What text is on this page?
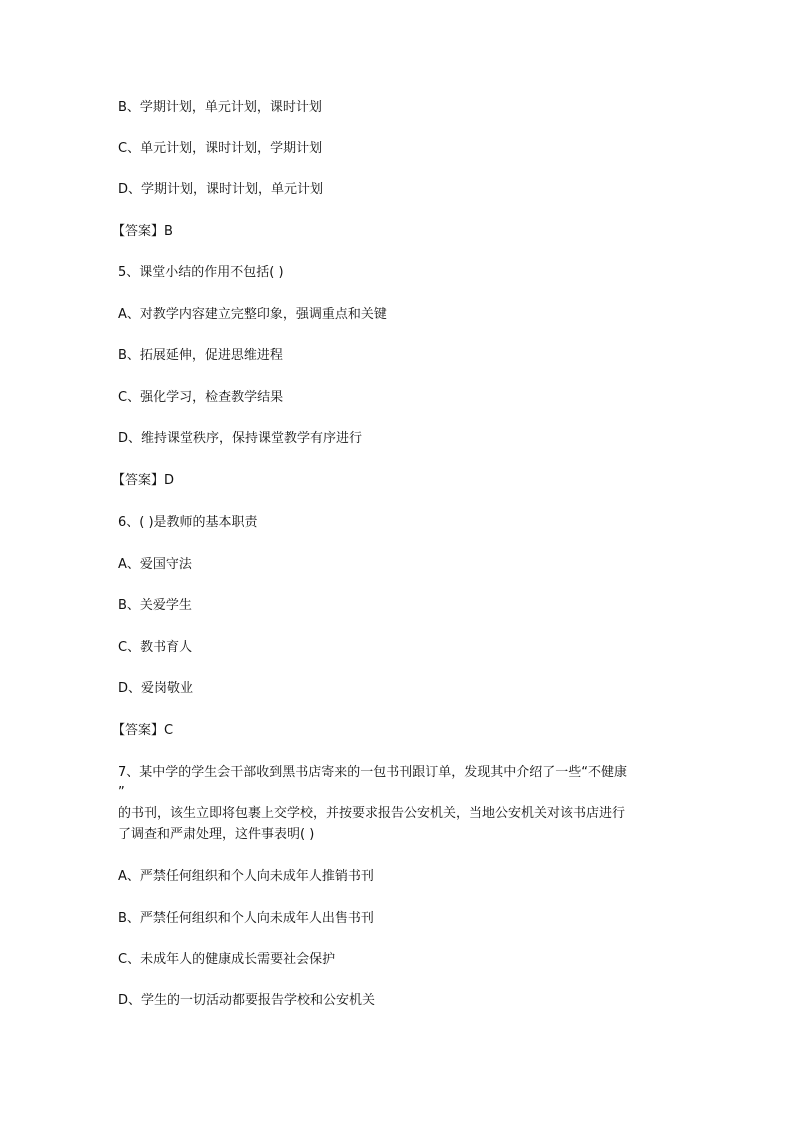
B、学期计划，单元计划，课时计划
C、单元计划，课时计划，学期计划
D、学期计划，课时计划，单元计划
【答案】B
5、课堂小结的作用不包括( )
A、对教学内容建立完整印象，强调重点和关键
B、拓展延伸，促进思维进程
C、强化学习，检查教学结果
D、维持课堂秩序，保持课堂教学有序进行
【答案】D
6、( )是教师的基本职责
A、爱国守法
B、关爱学生
C、教书育人
D、爱岗敬业
【答案】C
7、某中学的学生会干部收到黑书店寄来的一包书刊跟订单，发现其中介绍了一些“不健康
”
的书刊，该生立即将包裹上交学校，并按要求报告公安机关，当地公安机关对该书店进行
了调查和严肃处理，这件事表明( )
A、严禁任何组织和个人向未成年人推销书刊
B、严禁任何组织和个人向未成年人出售书刊
C、未成年人的健康成长需要社会保护
D、学生的一切活动都要报告学校和公安机关
